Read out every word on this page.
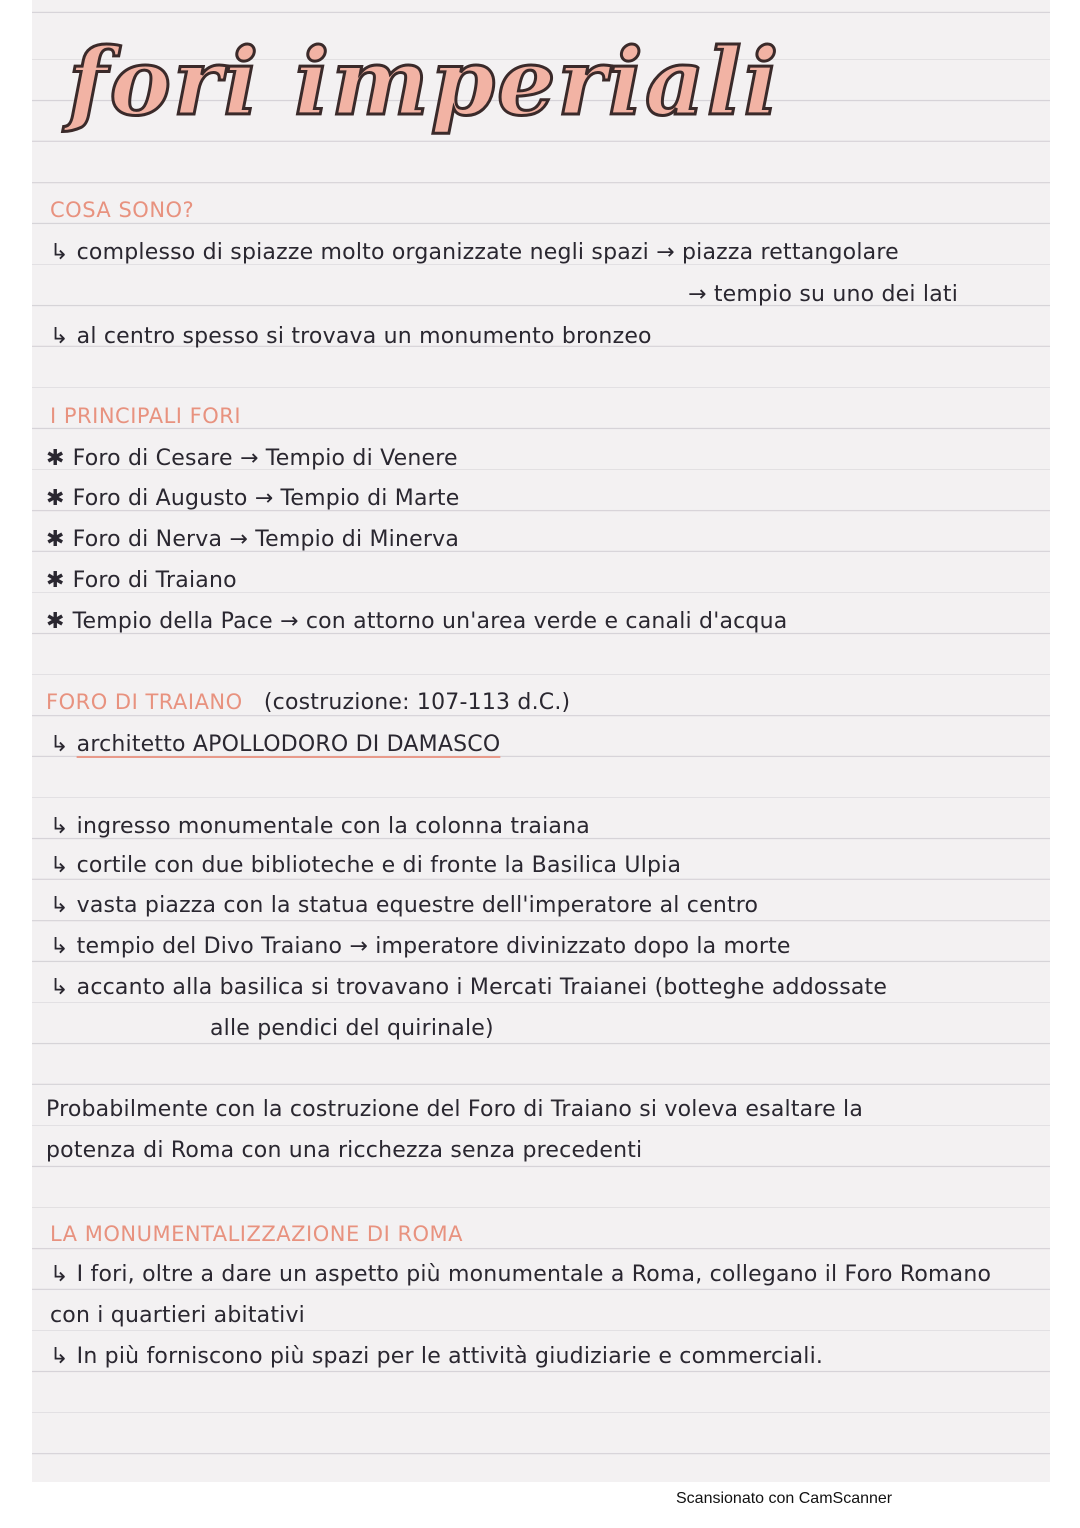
fori imperiali
COSA SONO?
↳ complesso di spiazze molto organizzate negli spazi → piazza rettangolare
→ tempio su uno dei lati
↳ al centro spesso si trovava un monumento bronzeo
I PRINCIPALI FORI
✱ Foro di Cesare → Tempio di Venere
✱ Foro di Augusto → Tempio di Marte
✱ Foro di Nerva → Tempio di Minerva
✱ Foro di Traiano
✱ Tempio della Pace → con attorno un'area verde e canali d'acqua
FORO DI TRAIANO (costruzione: 107-113 d.C.)
↳ architetto APOLLODORO DI DAMASCO
↳ ingresso monumentale con la colonna traiana
↳ cortile con due biblioteche e di fronte la Basilica Ulpia
↳ vasta piazza con la statua equestre dell'imperatore al centro
↳ tempio del Divo Traiano → imperatore divinizzato dopo la morte
↳ accanto alla basilica si trovavano i Mercati Traianei (botteghe addossate
alle pendici del quirinale)
Probabilmente con la costruzione del Foro di Traiano si voleva esaltare la
potenza di Roma con una ricchezza senza precedenti
LA MONUMENTALIZZAZIONE DI ROMA
↳ I fori, oltre a dare un aspetto più monumentale a Roma, collegano il Foro Romano
con i quartieri abitativi
↳ In più forniscono più spazi per le attività giudiziarie e commerciali.
Scansionato con CamScanner
